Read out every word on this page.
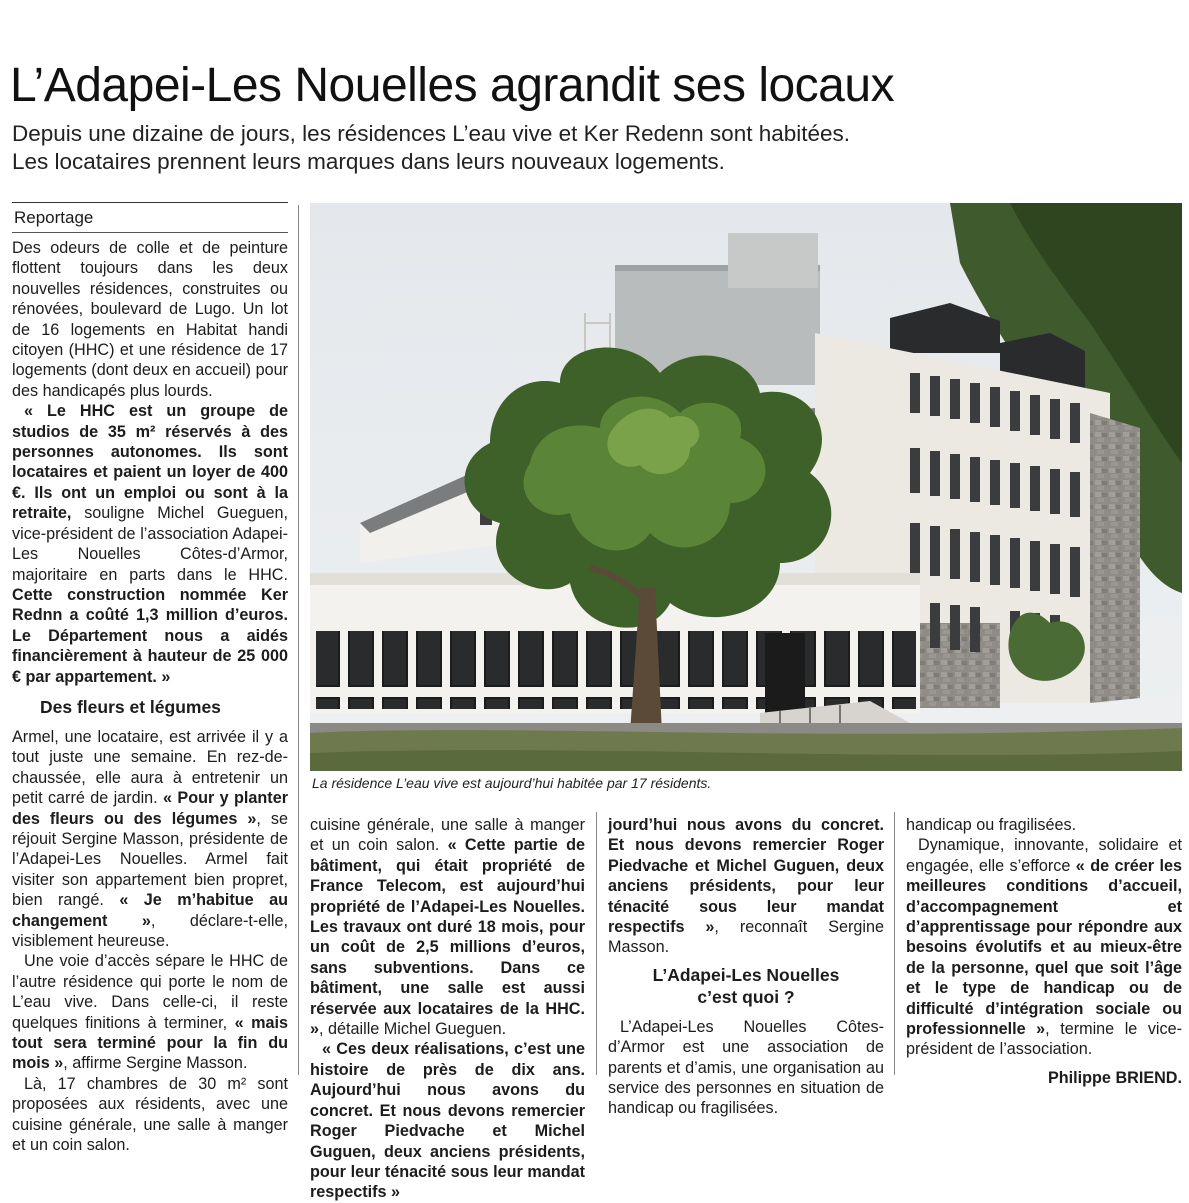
L’Adapei-Les Nouelles agrandit ses locaux

Depuis une dizaine de jours, les résidences L’eau vive et Ker Redenn sont habitées.

Les locataires prennent leurs marques dans leurs nouveaux logements.

Reportage
La résidence L’eau vive est aujourd’hui habitée par 17 résidents.

Des odeurs de colle et de peinture flottent toujours dans les deux nouvelles résidences, construites ou rénovées, boulevard de Lugo. Un lot de 16 logements en Habitat handi citoyen (HHC) et une résidence de 17 logements (dont deux en accueil) pour des handicapés plus lourds.

« Le HHC est un groupe de studios de 35 m² réservés à des personnes autonomes. Ils sont locataires et paient un loyer de 400 €. Ils ont un emploi ou sont à la retraite, souligne Michel Gueguen, vice-président de l’association Adapei-Les Nouelles Côtes-d’Armor, majoritaire en parts dans le HHC. Cette construction nommée Ker Rednn a coûté 1,3 million d’euros. Le Département nous a aidés financièrement à hauteur de 25 000 € par appartement. »

Des fleurs et légumes

Armel, une locataire, est arrivée il y a tout juste une semaine. En rez-de-chaussée, elle aura à entretenir un petit carré de jardin. « Pour y planter des fleurs ou des légumes », se réjouit Sergine Masson, présidente de l’Adapei-Les Nouelles. Armel fait visiter son appartement bien propret, bien rangé. « Je m’habitue au changement », déclare-t-elle, visiblement heureuse.

Une voie d’accès sépare le HHC de l’autre résidence qui porte le nom de L’eau vive. Dans celle-ci, il reste quelques finitions à terminer, « mais tout sera terminé pour la fin du mois », affirme Sergine Masson.

Là, 17 chambres de 30 m² sont proposées aux résidents, avec une cuisine générale, une salle à manger et un coin salon.

cuisine générale, une salle à manger et un coin salon. « Cette partie de bâtiment, qui était propriété de France Telecom, est aujourd’hui propriété de l’Adapei-Les Nouelles. Les travaux ont duré 18 mois, pour un coût de 2,5 millions d’euros, sans subventions. Dans ce bâtiment, une salle est aussi réservée aux locataires de la HHC. », détaille Michel Gueguen.

« Ces deux réalisations, c’est une histoire de près de dix ans. Aujourd’hui nous avons du concret. Et nous devons remercier Roger Piedvache et Michel Guguen, deux anciens présidents, pour leur ténacité sous leur mandat respectifs »

jourd’hui nous avons du concret. Et nous devons remercier Roger Piedvache et Michel Guguen, deux anciens présidents, pour leur ténacité sous leur mandat respectifs », reconnaît Sergine Masson.

L’Adapei-Les Nouelles
c’est quoi ?

L’Adapei-Les Nouelles Côtes-d’Armor est une association de parents et d’amis, une organisation au service des personnes en situation de handicap ou fragilisées.

handicap ou fragilisées.

Dynamique, innovante, solidaire et engagée, elle s’efforce « de créer les meilleures conditions d’accueil, d’accompagnement et d’apprentissage pour répondre aux besoins évolutifs et au mieux-être de la personne, quel que soit l’âge et le type de handicap ou de difficulté d’intégration sociale ou professionnelle », termine le vice-président de l’association.

Philippe BRIEND.
